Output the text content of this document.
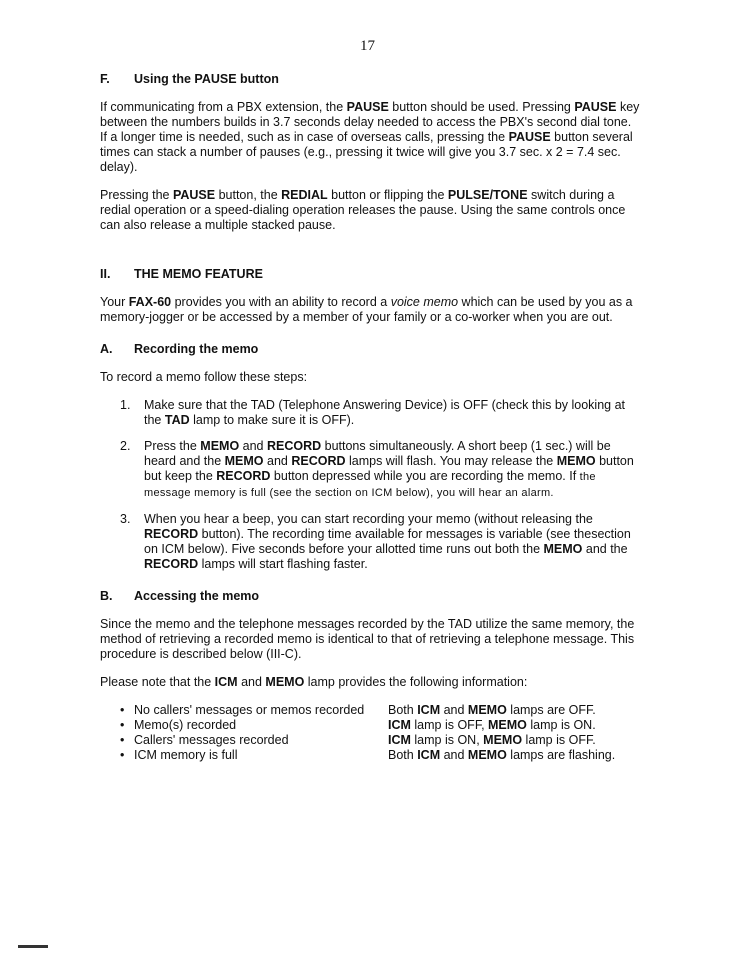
17
F. Using the PAUSE button

If communicating from a PBX extension, the PAUSE button should be used. Pressing PAUSE key between the numbers builds in 3.7 seconds delay needed to access the PBX's second dial tone. If a longer time is needed, such as in case of overseas calls, pressing the PAUSE button several times can stack a number of pauses (e.g., pressing it twice will give you 3.7 sec. x 2 = 7.4 sec. delay).

Pressing the PAUSE button, the REDIAL button or flipping the PULSE/TONE switch during a redial operation or a speed-dialing operation releases the pause. Using the same controls once can also release a multiple stacked pause.

II. THE MEMO FEATURE

Your FAX-60 provides you with an ability to record a voice memo which can be used by you as a memory-jogger or be accessed by a member of your family or a co-worker when you are out.

A. Recording the memo

To record a memo follow these steps:

1.	Make sure that the TAD (Telephone Answering Device) is OFF (check this by looking at the TAD lamp to make sure it is OFF).
2.	Press the MEMO and RECORD buttons simultaneously. A short beep (1 sec.) will be heard and the MEMO and RECORD lamps will flash. You may release the MEMO button but keep the RECORD button depressed while you are recording the memo. If the message memory is full (see the section on ICM below), you will hear an alarm.
3.	When you hear a beep, you can start recording your memo (without releasing the RECORD button). The recording time available for messages is variable (see thesection on ICM below). Five seconds before your allotted time runs out both the MEMO and the RECORD lamps will start flashing faster.
B. Accessing the memo

Since the memo and the telephone messages recorded by the TAD utilize the same memory, the method of retrieving a recorded memo is identical to that of retrieving a telephone message. This procedure is described below (III-C).

Please note that the ICM and MEMO lamp provides the following information:

• No callers' messages or memos recorded Both ICM and MEMO lamps are OFF.
• Memo(s) recorded	ICM lamp is OFF, MEMO lamp is ON.
• Callers' messages recorded	ICM lamp is ON, MEMO lamp is OFF.
• ICM memory is full	Both ICM and MEMO lamps are flashing.
